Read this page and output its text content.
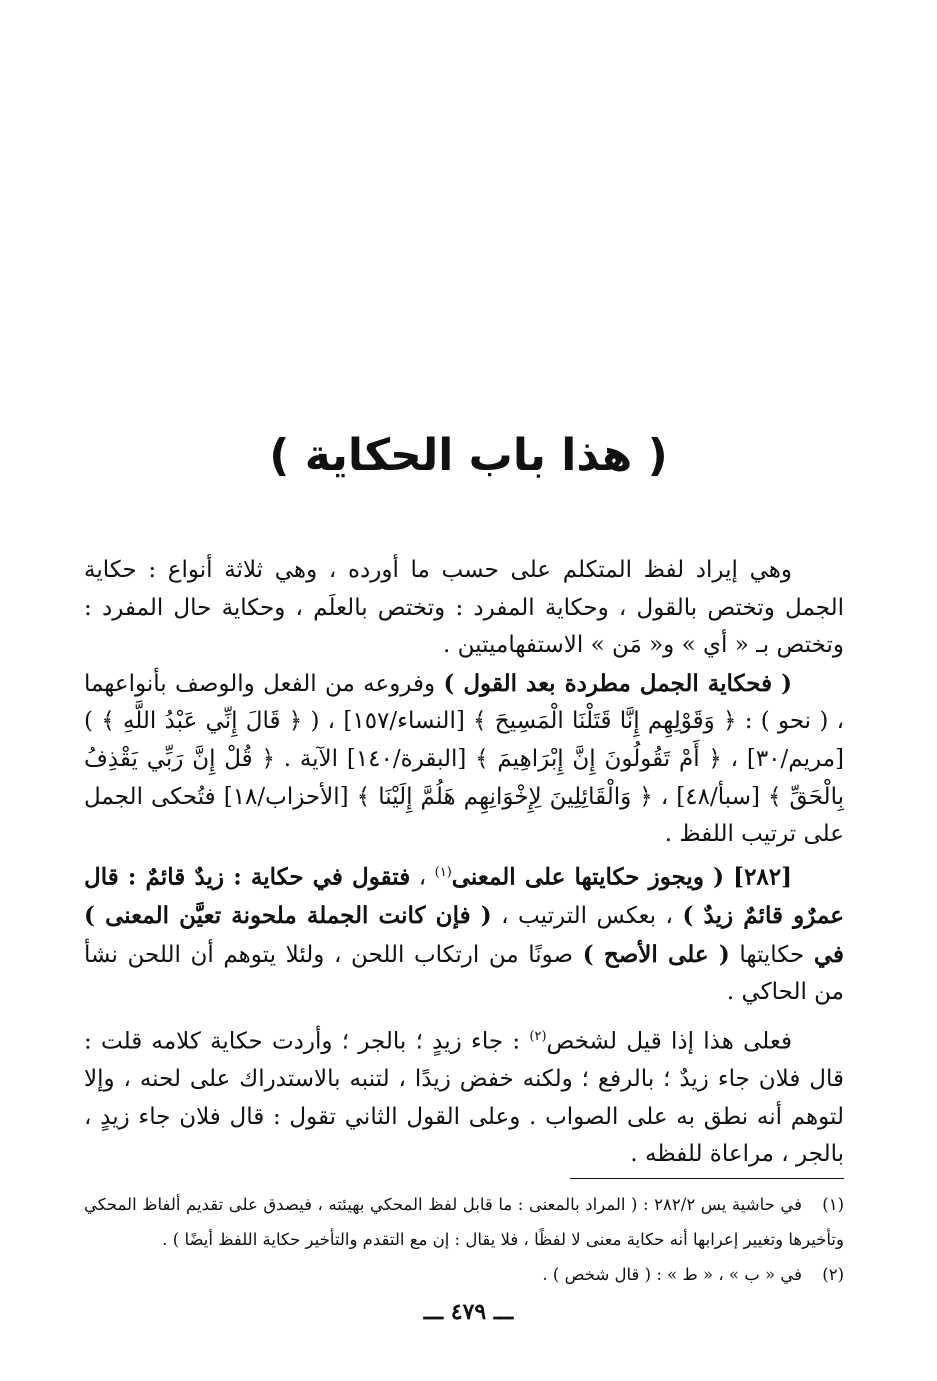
( هذا باب الحكاية )

وهي إيراد لفظ المتكلم على حسب ما أورده ، وهي ثلاثة أنواع : حكاية الجمل وتختص بالقول ، وحكاية المفرد : وتختص بالعلَم ، وحكاية حال المفرد : وتختص بـ « أي » و« مَن » الاستفهاميتين .

( فحكاية الجمل مطردة بعد القول ) وفروعه من الفعل والوصف بأنواعهما ، ( نحو ) : ﴿ وَقَوْلِهِم إِنَّا قَتَلْنَا الْمَسِيحَ ﴾ [النساء/١٥٧] ، ( ﴿ قَالَ إِنِّي عَبْدُ اللَّهِ ﴾ ) [مريم/٣٠] ، ﴿ أَمْ تَقُولُونَ إِنَّ إِبْرَاهِيمَ ﴾ [البقرة/١٤٠] الآية . ﴿ قُلْ إِنَّ رَبِّي يَقْذِفُ بِالْحَقِّ ﴾ [سبأ/٤٨] ، ﴿ وَالْقَائِلِينَ لِإِخْوَانِهِم هَلُمَّ إِلَيْنَا ﴾ [الأحزاب/١٨] فتُحكى الجمل على ترتيب اللفظ .

[٢٨٢] ( ويجوز حكايتها على المعنى$^{(١)}$ ، فتقول في حكاية : زيدٌ قائمٌ : قال عمرٌو قائمٌ زيدٌ ) ، بعكس الترتيب ، ( فإن كانت الجملة ملحونة تعيَّن المعنى ) في حكايتها ( على الأصح ) صونًا من ارتكاب اللحن ، ولئلا يتوهم أن اللحن نشأ من الحاكي .

فعلى هذا إذا قيل لشخص$^{(٢)}$ : جاء زيدٍ ؛ بالجر ؛ وأردت حكاية كلامه قلت : قال فلان جاء زيدٌ ؛ بالرفع ؛ ولكنه خفض زيدًا ، لتنبه بالاستدراك على لحنه ، وإلا لتوهم أنه نطق به على الصواب . وعلى القول الثاني تقول : قال فلان جاء زيدٍ ، بالجر ، مراعاة للفظه .

(١)في حاشية يس ٢٨٢/٢ : ( المراد بالمعنى : ما قابل لفظ المحكي بهيئته ، فيصدق على تقديم ألفاظ المحكي وتأخيرها وتغيير إعرابها أنه حكاية معنى لا لفظًا ، فلا يقال : إن مع التقدم والتأخير حكاية اللفظ أيضًا ) .

(٢)في « ب » ، « ط » : ( قال شخص ) .

ـــ ٤٧٩ ـــ
